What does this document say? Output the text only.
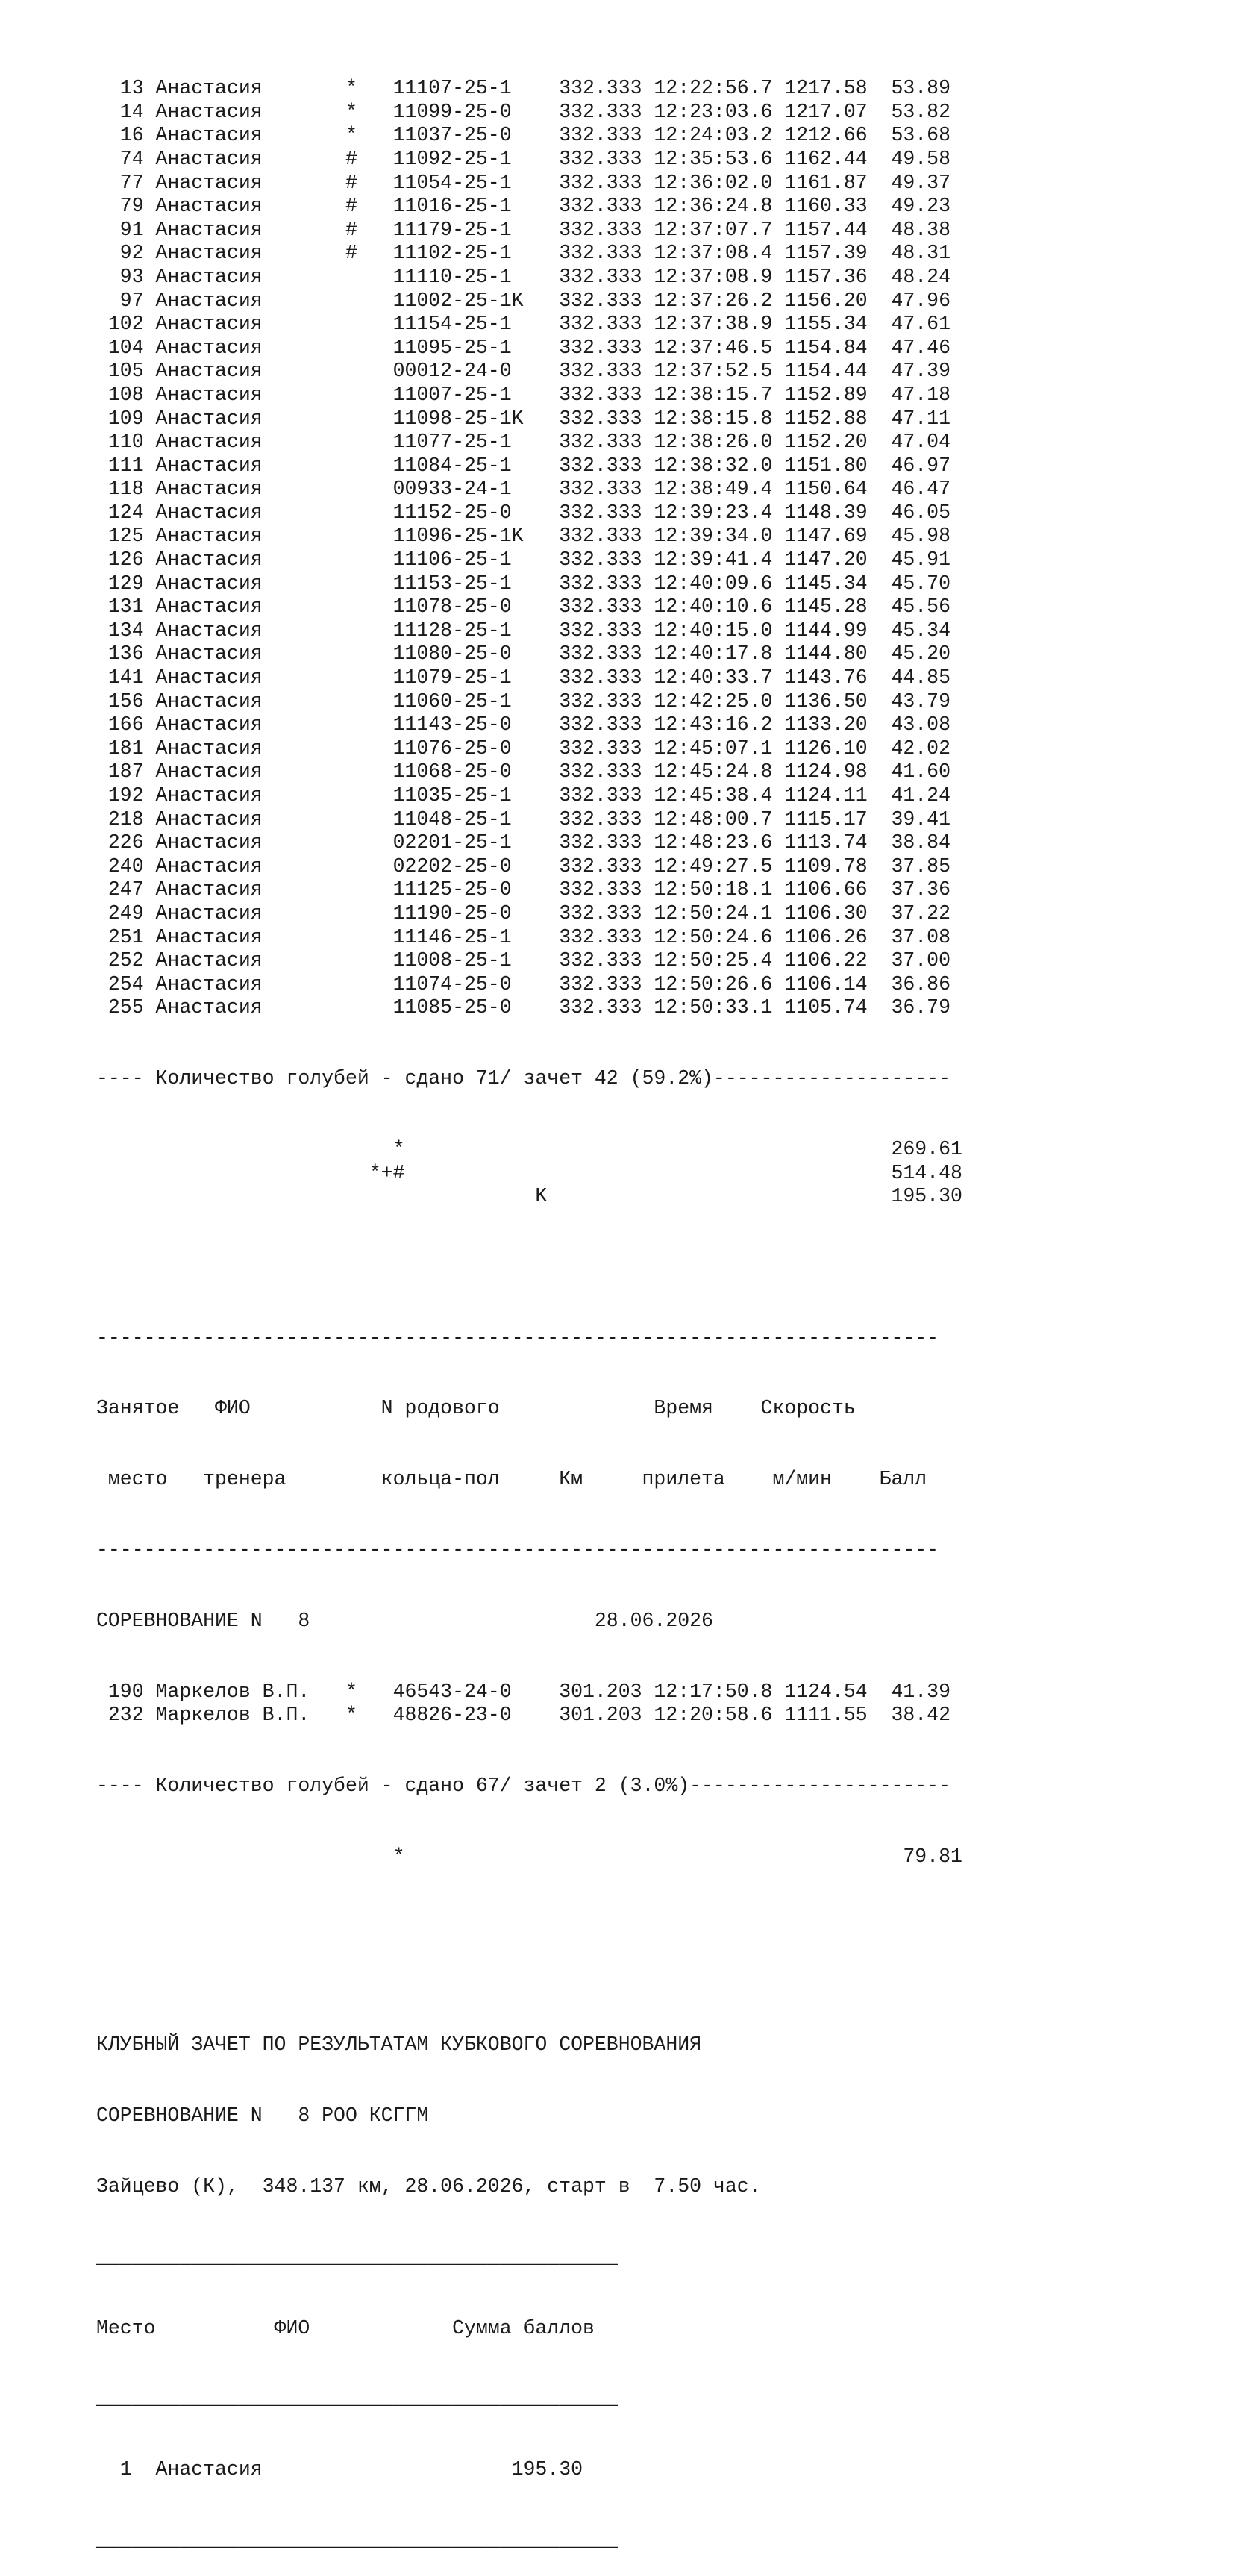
13 Анастасия       *   11107-25-1    332.333 12:22:56.7 1217.58  53.89
14 Анастасия       *   11099-25-0    332.333 12:23:03.6 1217.07  53.82
16 Анастасия       *   11037-25-0    332.333 12:24:03.2 1212.66  53.68
74 Анастасия       #   11092-25-1    332.333 12:35:53.6 1162.44  49.58
77 Анастасия       #   11054-25-1    332.333 12:36:02.0 1161.87  49.37
79 Анастасия       #   11016-25-1    332.333 12:36:24.8 1160.33  49.23
91 Анастасия       #   11179-25-1    332.333 12:37:07.7 1157.44  48.38
92 Анастасия       #   11102-25-1    332.333 12:37:08.4 1157.39  48.31
93 Анастасия           11110-25-1    332.333 12:37:08.9 1157.36  48.24
97 Анастасия           11002-25-1K   332.333 12:37:26.2 1156.20  47.96
102 Анастасия           11154-25-1    332.333 12:37:38.9 1155.34  47.61
104 Анастасия           11095-25-1    332.333 12:37:46.5 1154.84  47.46
105 Анастасия           00012-24-0    332.333 12:37:52.5 1154.44  47.39
108 Анастасия           11007-25-1    332.333 12:38:15.7 1152.89  47.18
109 Анастасия           11098-25-1K   332.333 12:38:15.8 1152.88  47.11
110 Анастасия           11077-25-1    332.333 12:38:26.0 1152.20  47.04
111 Анастасия           11084-25-1    332.333 12:38:32.0 1151.80  46.97
118 Анастасия           00933-24-1    332.333 12:38:49.4 1150.64  46.47
124 Анастасия           11152-25-0    332.333 12:39:23.4 1148.39  46.05
125 Анастасия           11096-25-1K   332.333 12:39:34.0 1147.69  45.98
126 Анастасия           11106-25-1    332.333 12:39:41.4 1147.20  45.91
129 Анастасия           11153-25-1    332.333 12:40:09.6 1145.34  45.70
131 Анастасия           11078-25-0    332.333 12:40:10.6 1145.28  45.56
134 Анастасия           11128-25-1    332.333 12:40:15.0 1144.99  45.34
136 Анастасия           11080-25-0    332.333 12:40:17.8 1144.80  45.20
141 Анастасия           11079-25-1    332.333 12:40:33.7 1143.76  44.85
156 Анастасия           11060-25-1    332.333 12:42:25.0 1136.50  43.79
166 Анастасия           11143-25-0    332.333 12:43:16.2 1133.20  43.08
181 Анастасия           11076-25-0    332.333 12:45:07.1 1126.10  42.02
187 Анастасия           11068-25-0    332.333 12:45:24.8 1124.98  41.60
192 Анастасия           11035-25-1    332.333 12:45:38.4 1124.11  41.24
218 Анастасия           11048-25-1    332.333 12:48:00.7 1115.17  39.41
226 Анастасия           02201-25-1    332.333 12:48:23.6 1113.74  38.84
240 Анастасия           02202-25-0    332.333 12:49:27.5 1109.78  37.85
247 Анастасия           11125-25-0    332.333 12:50:18.1 1106.66  37.36
249 Анастасия           11190-25-0    332.333 12:50:24.1 1106.30  37.22
251 Анастасия           11146-25-1    332.333 12:50:24.6 1106.26  37.08
252 Анастасия           11008-25-1    332.333 12:50:25.4 1106.22  37.00
254 Анастасия           11074-25-0    332.333 12:50:26.6 1106.14  36.86
255 Анастасия           11085-25-0    332.333 12:50:33.1 1105.74  36.79

---- Количество голубей - сдано 71/ зачет 42 (59.2%)--------------------

*                                         269.61
*+#                                         514.48
K                             195.30

-----------------------------------------------------------------------

Занятое   ФИО           N родового             Время    Скорость

место   тренера        кольца-пол     Км     прилета    м/мин    Балл

-----------------------------------------------------------------------

СОРЕВНОВАНИЕ N   8                        28.06.2026

190 Маркелов В.П.   *   46543-24-0    301.203 12:17:50.8 1124.54  41.39
232 Маркелов В.П.   *   48826-23-0    301.203 12:20:58.6 1111.55  38.42

---- Количество голубей - сдано 67/ зачет 2 (3.0%)----------------------

*                                          79.81

КЛУБНЫЙ ЗАЧЕТ ПО РЕЗУЛЬТАТАМ КУБКОВОГО СОРЕВНОВАНИЯ

СОРЕВНОВАНИЕ N   8 РОО КСГГМ

Зайцево (К),  348.137 км, 28.06.2026, старт в  7.50 час.

____________________________________________

Место          ФИО            Сумма баллов

____________________________________________

1  Анастасия                     195.30

____________________________________________
